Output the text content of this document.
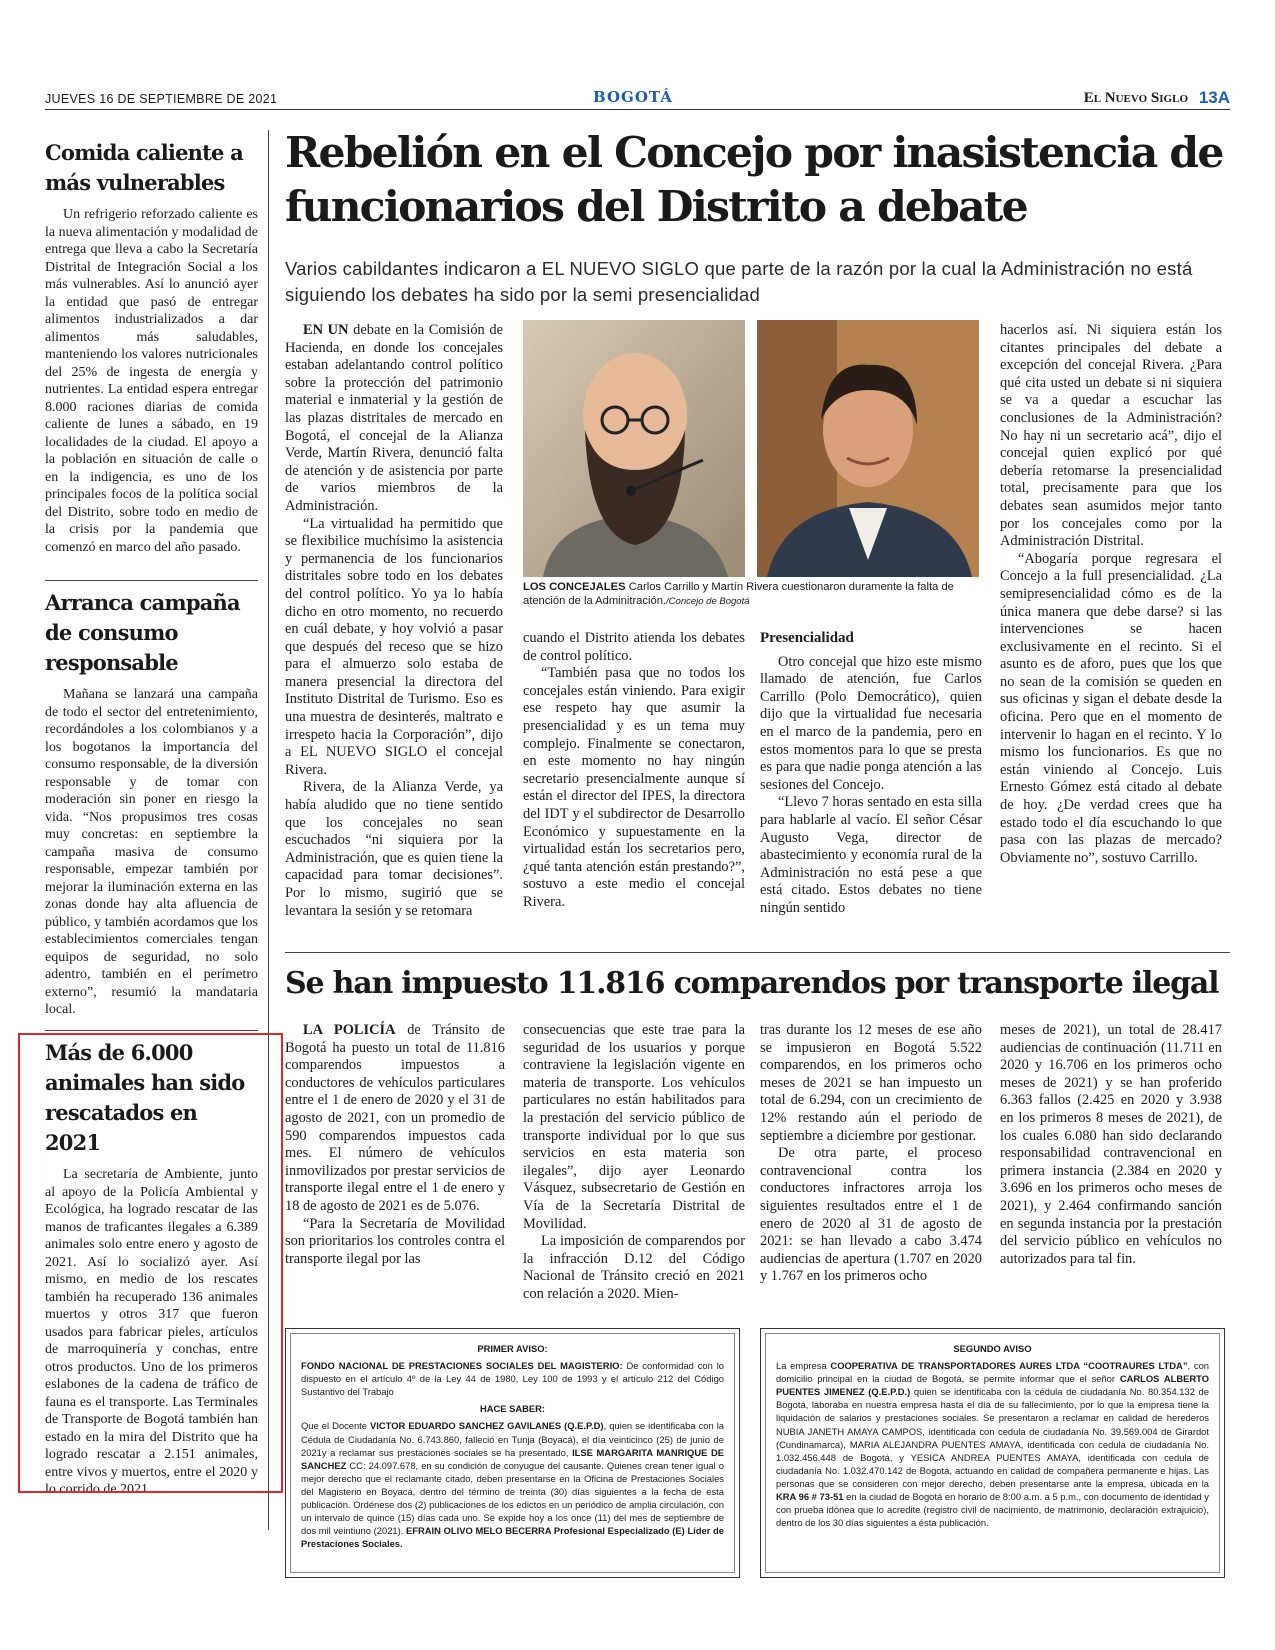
JUEVES 16 DE SEPTIEMBRE DE 2021	BOGOTÁ	El Nuevo Siglo 13A
Comida caliente a más vulnerables

Un refrigerio reforzado caliente es la nueva alimentación y modalidad de entrega que lleva a cabo la Secretaría Distrital de Integración Social a los más vulnerables. Así lo anunció ayer la entidad que pasó de entregar alimentos industrializados a dar alimentos más saludables, manteniendo los valores nutricionales del 25% de ingesta de energía y nutrientes. La entidad espera entregar 8.000 raciones diarias de comida caliente de lunes a sábado, en 19 localidades de la ciudad. El apoyo a la población en situación de calle o en la indigencia, es uno de los principales focos de la política social del Distrito, sobre todo en medio de la crisis por la pandemia que comenzó en marco del año pasado.

Arranca campaña de consumo responsable

Mañana se lanzará una campaña de todo el sector del entretenimiento, recordándoles a los colombianos y a los bogotanos la importancia del consumo responsable, de la diversión responsable y de tomar con moderación sin poner en riesgo la vida. “Nos propusimos tres cosas muy concretas: en septiembre la campaña masiva de consumo responsable, empezar también por mejorar la iluminación externa en las zonas donde hay alta afluencia de público, y también acordamos que los establecimientos comerciales tengan equipos de seguridad, no solo adentro, también en el perímetro externo”, resumió la mandataria local.

Más de 6.000 animales han sido rescatados en 2021

La secretaría de Ambiente, junto al apoyo de la Policía Ambiental y Ecológica, ha logrado rescatar de las manos de traficantes ilegales a 6.389 animales solo entre enero y agosto de 2021. Así lo socializó ayer. Así mismo, en medio de los rescates también ha recuperado 136 animales muertos y otros 317 que fueron usados para fabricar pieles, artículos de marroquinería y conchas, entre otros productos. Uno de los primeros eslabones de la cadena de tráfico de fauna es el transporte. Las Terminales de Transporte de Bogotá también han estado en la mira del Distrito que ha logrado rescatar a 2.151 animales, entre vivos y muertos, entre el 2020 y lo corrido de 2021.

Rebelión en el Concejo por inasistencia de funcionarios del Distrito a debate

Varios cabildantes indicaron a EL NUEVO SIGLO que parte de la razón por la cual la Administración no está siguiendo los debates ha sido por la semi presencialidad

EN UN debate en la Comisión de Hacienda, en donde los concejales estaban adelantando control político sobre la protección del patrimonio material e inmaterial y la gestión de las plazas distritales de mercado en Bogotá, el concejal de la Alianza Verde, Martín Rivera, denunció falta de atención y de asistencia por parte de varios miembros de la Administración.

“La virtualidad ha permitido que se flexibilice muchísimo la asistencia y permanencia de los funcionarios distritales sobre todo en los debates del control político. Yo ya lo había dicho en otro momento, no recuerdo en cuál debate, y hoy volvió a pasar que después del receso que se hizo para el almuerzo solo estaba de manera presencial la directora del Instituto Distrital de Turismo. Eso es una muestra de desinterés, maltrato e irrespeto hacia la Corporación”, dijo a EL NUEVO SIGLO el concejal Rivera.

Rivera, de la Alianza Verde, ya había aludido que no tiene sentido que los concejales no sean escuchados “ni siquiera por la Administración, que es quien tiene la capacidad para tomar decisiones”. Por lo mismo, sugirió que se levantara la sesión y se retomara

LOS CONCEJALES Carlos Carrillo y Martín Rivera cuestionaron duramente la falta de atención de la Adminitración./Concejo de Bogotá

cuando el Distrito atienda los debates de control político.

“También pasa que no todos los concejales están viniendo. Para exigir ese respeto hay que asumir la presencialidad y es un tema muy complejo. Finalmente se conectaron, en este momento no hay ningún secretario presencialmente aunque sí están el director del IPES, la directora del IDT y el subdirector de Desarrollo Económico y supuestamente en la virtualidad están los secretarios pero, ¿qué tanta atención están prestando?”, sostuvo a este medio el concejal Rivera.

Presencialidad

Otro concejal que hizo este mismo llamado de atención, fue Carlos Carrillo (Polo Democrático), quien dijo que la virtualidad fue necesaria en el marco de la pandemia, pero en estos momentos para lo que se presta es para que nadie ponga atención a las sesiones del Concejo.

“Llevo 7 horas sentado en esta silla para hablarle al vacío. El señor César Augusto Vega, director de abastecimiento y economía rural de la Administración no está pese a que está citado. Estos debates no tiene ningún sentido

hacerlos así. Ni siquiera están los citantes principales del debate a excepción del concejal Rivera. ¿Para qué cita usted un debate si ni siquiera se va a quedar a escuchar las conclusiones de la Administración? No hay ni un secretario acá”, dijo el concejal quien explicó por qué debería retomarse la presencialidad total, precisamente para que los debates sean asumidos mejor tanto por los concejales como por la Administración Distrital.

“Abogaría porque regresara el Concejo a la full presencialidad. ¿La semipresencialidad cómo es de la única manera que debe darse? si las intervenciones se hacen exclusivamente en el recinto. Si el asunto es de aforo, pues que los que no sean de la comisión se queden en sus oficinas y sigan el debate desde la oficina. Pero que en el momento de intervenir lo hagan en el recinto. Y lo mismo los funcionarios. Es que no están viniendo al Concejo. Luis Ernesto Gómez está citado al debate de hoy. ¿De verdad crees que ha estado todo el día escuchando lo que pasa con las plazas de mercado? Obviamente no”, sostuvo Carrillo.

Se han impuesto 11.816 comparendos por transporte ilegal

LA POLICÍA de Tránsito de Bogotá ha puesto un total de 11.816 comparendos impuestos a conductores de vehículos particulares entre el 1 de enero de 2020 y el 31 de agosto de 2021, con un promedio de 590 comparendos impuestos cada mes. El número de vehículos inmovilizados por prestar servicios de transporte ilegal entre el 1 de enero y 18 de agosto de 2021 es de 5.076.

“Para la Secretaría de Movilidad son prioritarios los controles contra el transporte ilegal por las

consecuencias que este trae para la seguridad de los usuarios y porque contraviene la legislación vigente en materia de transporte. Los vehículos particulares no están habilitados para la prestación del servicio público de transporte individual por lo que sus servicios en esta materia son ilegales”, dijo ayer Leonardo Vásquez, subsecretario de Gestión en Vía de la Secretaría Distrital de Movilidad.

La imposición de comparendos por la infracción D.12 del Código Nacional de Tránsito creció en 2021 con relación a 2020. Mien-

tras durante los 12 meses de ese año se impusieron en Bogotá 5.522 comparendos, en los primeros ocho meses de 2021 se han impuesto un total de 6.294, con un crecimiento de 12% restando aún el periodo de septiembre a diciembre por gestionar.

De otra parte, el proceso contravencional contra los conductores infractores arroja los siguientes resultados entre el 1 de enero de 2020 al 31 de agosto de 2021: se han llevado a cabo 3.474 audiencias de apertura (1.707 en 2020 y 1.767 en los primeros ocho

meses de 2021), un total de 28.417 audiencias de continuación (11.711 en 2020 y 16.706 en los primeros ocho meses de 2021) y se han proferido 6.363 fallos (2.425 en 2020 y 3.938 en los primeros 8 meses de 2021), de los cuales 6.080 han sido declarando responsabilidad contravencional en primera instancia (2.384 en 2020 y 3.696 en los primeros ocho meses de 2021), y 2.464 confirmando sanción en segunda instancia por la prestación del servicio público en vehículos no autorizados para tal fin.

PRIMER AVISO:

FONDO NACIONAL DE PRESTACIONES SOCIALES DEL MAGISTERIO: De conformidad con lo dispuesto en el artículo 4º de la Ley 44 de 1980, Ley 100 de 1993 y el artículo 212 del Código Sustantivo del Trabajo

HACE SABER:

Que el Docente VICTOR EDUARDO SANCHEZ GAVILANES (Q.E.P.D), quien se identificaba con la Cédula de Ciudadanía No. 6.743.860, falleció en Tunja (Boyacá), el día veinticinco (25) de junio de 2021y a reclamar sus prestaciones sociales se ha presentado, ILSE MARGARITA MANRIQUE DE SANCHEZ CC: 24.097.678, en su condición de conyugue del causante. Quienes crean tener igual o mejor derecho que el reclamante citado, deben presentarse en la Oficina de Prestaciones Sociales del Magisterio en Boyacá, dentro del término de treinta (30) días siguientes a la fecha de esta publicación. Ordénese dos (2) publicaciones de los edictos en un periódico de amplia circulación, con un intervalo de quince (15) días cada uno. Se expide hoy a los once (11) del mes de septiembre de dos mil veintiuno (2021). EFRAIN OLIVO MELO BECERRA Profesional Especializado (E) Líder de Prestaciones Sociales.

SEGUNDO AVISO

La empresa COOPERATIVA DE TRANSPORTADORES AURES LTDA “COOTRAURES LTDA”, con domicilio principal en la ciudad de Bogotá, se permite informar que el señor CARLOS ALBERTO PUENTES JIMENEZ (Q.E.P.D.) quien se identificaba con la cédula de ciudadanía No. 80.354.132 de Bogotá, laboraba en nuestra empresa hasta el día de su fallecimiento, por lo que la empresa tiene la liquidación de salarios y prestaciones sociales. Se presentaron a reclamar en calidad de herederos NUBIA JANETH AMAYA CAMPOS, identificada con cedula de ciudadanía No. 39.569.004 de Girardot (Cundinamarca), MARIA ALEJANDRA PUENTES AMAYA, identificada con cedula de ciudadanía No. 1.032.456.448 de Bogotá, y YESICA ANDREA PUENTES AMAYA, identificada con cedula de ciudadanía No. 1.032.470.142 de Bogotá, actuando en calidad de compañera permanente e hijas. Las personas que se consideren con mejor derecho, deben presentarse ante la empresa, ubicada en la KRA 96 # 73-51 en la ciudad de Bogotá en horario de 8:00 a.m. a 5 p.m., con documento de identidad y con prueba idónea que lo acredite (registro civil de nacimiento, de matrimonio, declaración extrajuicio), dentro de los 30 días siguientes a ésta publicación.
